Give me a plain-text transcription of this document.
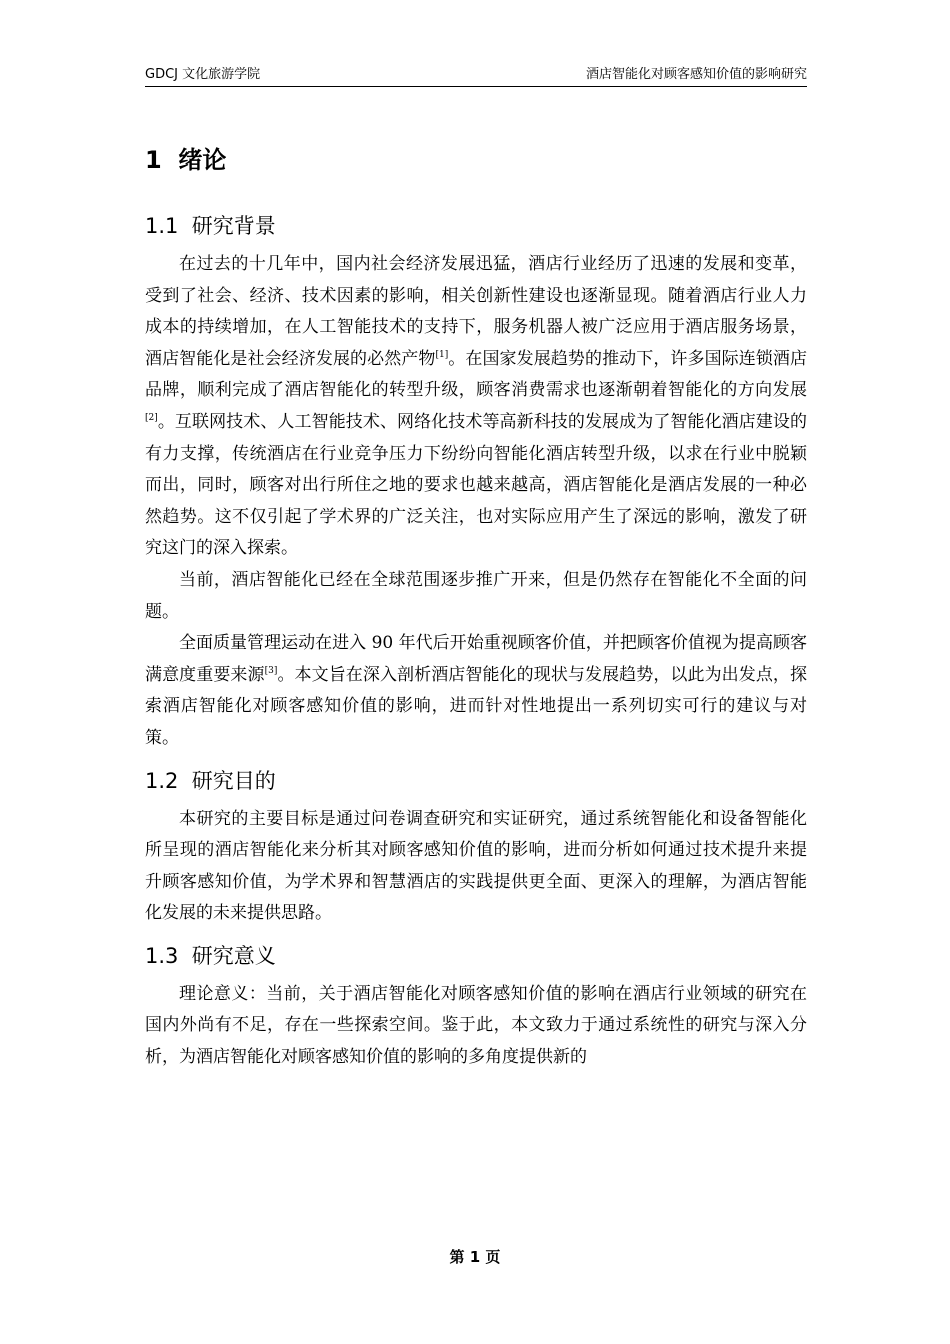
GDCJ 文化旅游学院	酒店智能化对顾客感知价值的影响研究
1  绪论
1.1  研究背景

在过去的十几年中，国内社会经济发展迅猛，酒店行业经历了迅速的发展和变革，受到了社会、经济、技术因素的影响，相关创新性建设也逐渐显现。随着酒店行业人力成本的持续增加，在人工智能技术的支持下，服务机器人被广泛应用于酒店服务场景，酒店智能化是社会经济发展的必然产物[1]。在国家发展趋势的推动下，许多国际连锁酒店品牌，顺利完成了酒店智能化的转型升级，顾客消费需求也逐渐朝着智能化的方向发展[2]。互联网技术、人工智能技术、网络化技术等高新科技的发展成为了智能化酒店建设的有力支撑，传统酒店在行业竞争压力下纷纷向智能化酒店转型升级，以求在行业中脱颖而出，同时，顾客对出行所住之地的要求也越来越高，酒店智能化是酒店发展的一种必然趋势。这不仅引起了学术界的广泛关注，也对实际应用产生了深远的影响，激发了研究这门的深入探索。

当前，酒店智能化已经在全球范围逐步推广开来，但是仍然存在智能化不全面的问题。

全面质量管理运动在进入 90 年代后开始重视顾客价值，并把顾客价值视为提高顾客满意度重要来源[3]。本文旨在深入剖析酒店智能化的现状与发展趋势，以此为出发点，探索酒店智能化对顾客感知价值的影响，进而针对性地提出一系列切实可行的建议与对策。

1.2  研究目的

本研究的主要目标是通过问卷调查研究和实证研究，通过系统智能化和设备智能化所呈现的酒店智能化来分析其对顾客感知价值的影响，进而分析如何通过技术提升来提升顾客感知价值，为学术界和智慧酒店的实践提供更全面、更深入的理解，为酒店智能化发展的未来提供思路。

1.3  研究意义

理论意义：当前，关于酒店智能化对顾客感知价值的影响在酒店行业领域的研究在国内外尚有不足，存在一些探索空间。鉴于此，本文致力于通过系统性的研究与深入分析，为酒店智能化对顾客感知价值的影响的多角度提供新的

第 1 页
